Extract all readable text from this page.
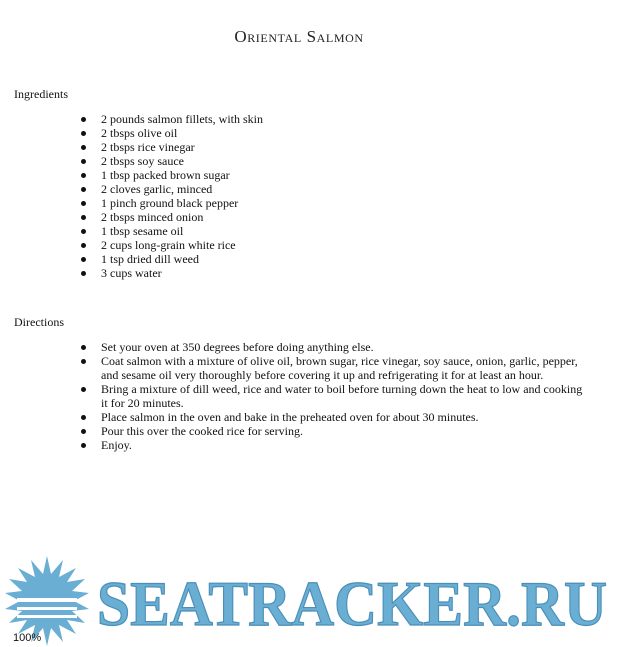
Oriental Salmon
Ingredients
2 pounds salmon fillets, with skin
2 tbsps olive oil
2 tbsps rice vinegar
2 tbsps soy sauce
1 tbsp packed brown sugar
2 cloves garlic, minced
1 pinch ground black pepper
2 tbsps minced onion
1 tbsp sesame oil
2 cups long-grain white rice
1 tsp dried dill weed
3 cups water
Directions
Set your oven at 350 degrees before doing anything else.
Coat salmon with a mixture of olive oil, brown sugar, rice vinegar, soy sauce, onion, garlic, pepper, and sesame oil very thoroughly before covering it up and refrigerating it for at least an hour.
Bring a mixture of dill weed, rice and water to boil before turning down the heat to low and cooking it for 20 minutes.
Place salmon in the oven and bake in the preheated oven for about 30 minutes.
Pour this over the cooked rice for serving.
Enjoy.
SEATRACKER.RU
100%
